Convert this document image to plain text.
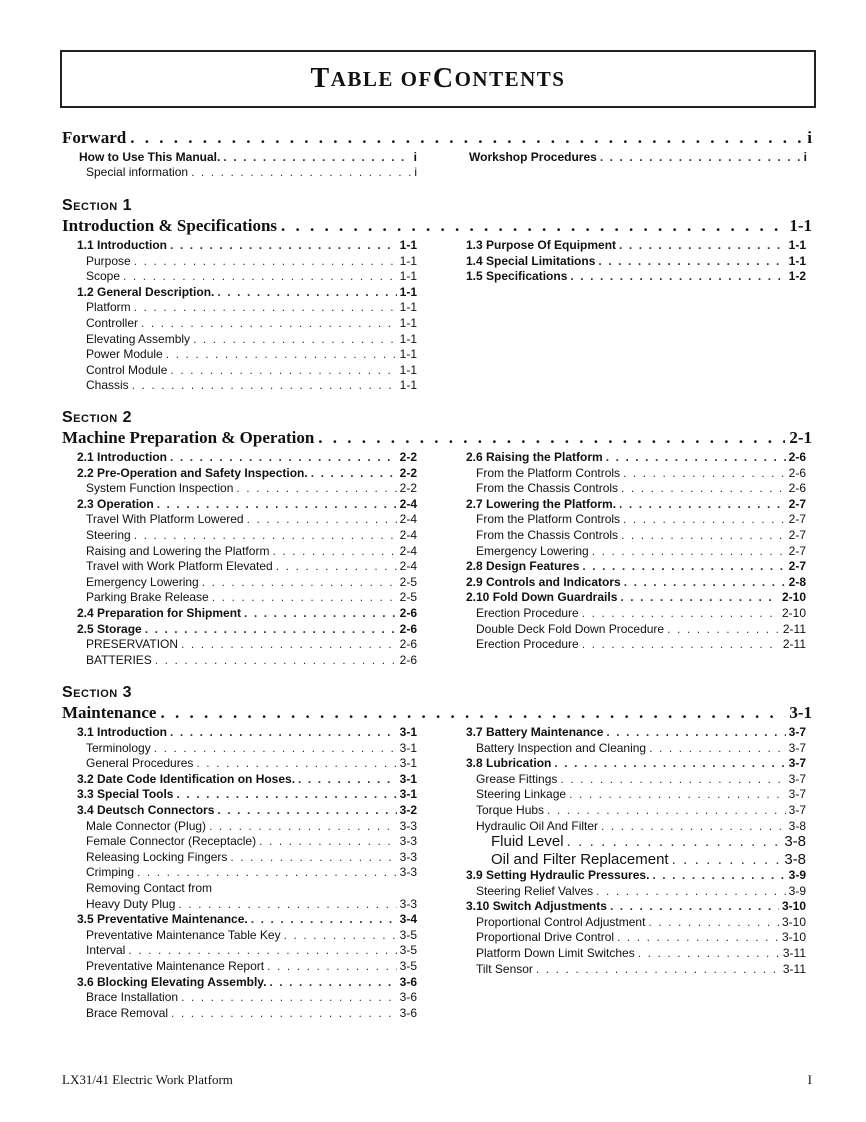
T ABLE OF C ONTENTS
Forward . . .	i
How to Use This Manual. . . .	i
Special information . . .	i
Workshop Procedures . . .	i
Section 1
Introduction & Specifications . . .	1-1
1.1 Introduction . . .	1-1
Purpose . . .	1-1
Scope . . .	1-1
1.2 General Description. . . .	1-1
Platform . . .	1-1
Controller . . .	1-1
Elevating Assembly . . .	1-1
Power Module . . .	1-1
Control Module . . .	1-1
Chassis . . .	1-1
1.3 Purpose Of Equipment . . .	1-1
1.4 Special Limitations . . .	1-1
1.5 Specifications . . .	1-2
Section 2
Machine Preparation & Operation . . .	2-1
2.1 Introduction . . .	2-2
2.2 Pre-Operation and Safety Inspection. . . .	2-2
System Function Inspection . . .	2-2
2.3 Operation . . .	2-4
Travel With Platform Lowered . . .	2-4
Steering . . .	2-4
Raising and Lowering the Platform . . .	2-4
Travel with Work Platform Elevated . . .	2-4
Emergency Lowering . . .	2-5
Parking Brake Release . . .	2-5
2.4 Preparation for Shipment . . .	2-6
2.5 Storage . . .	2-6
PRESERVATION . . .	2-6
BATTERIES . . .	2-6
2.6 Raising the Platform . . .	2-6
From the Platform Controls . . .	2-6
From the Chassis Controls . . .	2-6
2.7 Lowering the Platform. . . .	2-7
From the Platform Controls . . .	2-7
From the Chassis Controls . . .	2-7
Emergency Lowering . . .	2-7
2.8 Design Features . . .	2-7
2.9 Controls and Indicators . . .	2-8
2.10 Fold Down Guardrails . . .	2-10
Erection Procedure . . .	2-10
Double Deck Fold Down Procedure . . .	2-11
Erection Procedure . . .	2-11
Section 3
Maintenance . . .	3-1
3.1 Introduction . . .	3-1
Terminology . . .	3-1
General Procedures . . .	3-1
3.2 Date Code Identification on Hoses. . . .	3-1
3.3 Special Tools . . .	3-1
3.4 Deutsch Connectors . . .	3-2
Male Connector (Plug) . . .	3-3
Female Connector (Receptacle) . . .	3-3
Releasing Locking Fingers . . .	3-3
Crimping . . .	3-3
Removing Contact from
Heavy Duty Plug . . .	3-3
3.5 Preventative Maintenance. . . .	3-4
Preventative Maintenance Table Key . . .	3-5
Interval . . .	3-5
Preventative Maintenance Report . . .	3-5
3.6 Blocking Elevating Assembly. . . .	3-6
Brace Installation . . .	3-6
Brace Removal . . .	3-6
3.7 Battery Maintenance . . .	3-7
Battery Inspection and Cleaning . . .	3-7
3.8 Lubrication . . .	3-7
Grease Fittings . . .	3-7
Steering Linkage . . .	3-7
Torque Hubs . . .	3-7
Hydraulic Oil And Filter . . .	3-8
Fluid Level . . .	3-8
Oil and Filter Replacement . . .	3-8
3.9 Setting Hydraulic Pressures. . . .	3-9
Steering Relief Valves . . .	3-9
3.10 Switch Adjustments . . .	3-10
Proportional Control Adjustment . . .	3-10
Proportional Drive Control . . .	3-10
Platform Down Limit Switches . . .	3-11
Tilt Sensor . . .	3-11
LX31/41 Electric Work Platform	I
